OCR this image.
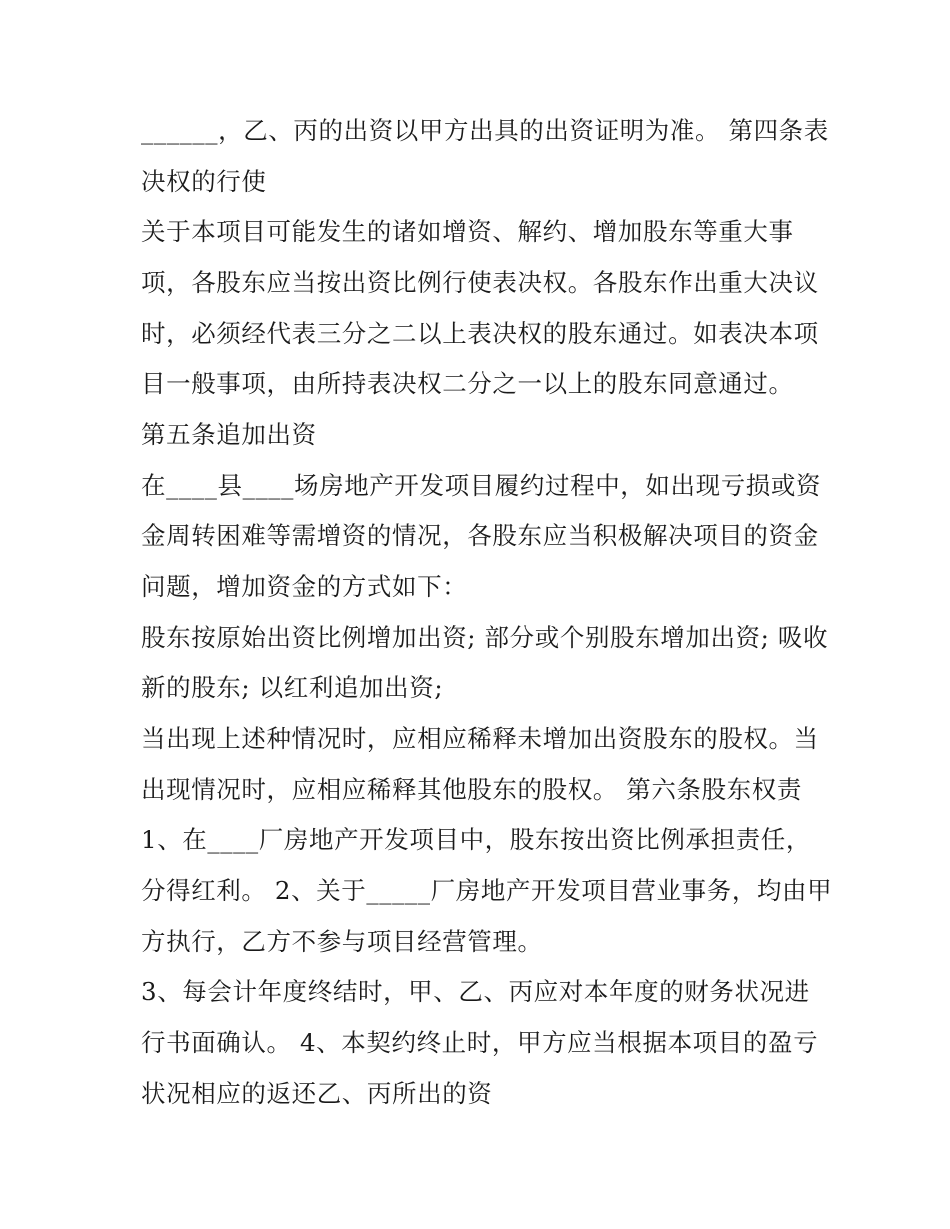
______，乙、丙的出资以甲方出具的出资证明为准。 第四条表
决权的行使
关于本项目可能发生的诸如增资、解约、增加股东等重大事
项，各股东应当按出资比例行使表决权。各股东作出重大决议
时，必须经代表三分之二以上表决权的股东通过。如表决本项
目一般事项，由所持表决权二分之一以上的股东同意通过。
第五条追加出资
在____县____场房地产开发项目履约过程中，如出现亏损或资
金周转困难等需增资的情况，各股东应当积极解决项目的资金
问题，增加资金的方式如下：
股东按原始出资比例增加出资; 部分或个别股东增加出资; 吸收
新的股东; 以红利追加出资;
当出现上述种情况时，应相应稀释未增加出资股东的股权。当
出现情况时，应相应稀释其他股东的股权。 第六条股东权责
1、在____厂房地产开发项目中，股东按出资比例承担责任，
分得红利。 2、关于_____厂房地产开发项目营业事务，均由甲
方执行，乙方不参与项目经营管理。
3、每会计年度终结时，甲、乙、丙应对本年度的财务状况进
行书面确认。 4、本契约终止时，甲方应当根据本项目的盈亏
状况相应的返还乙、丙所出的资
